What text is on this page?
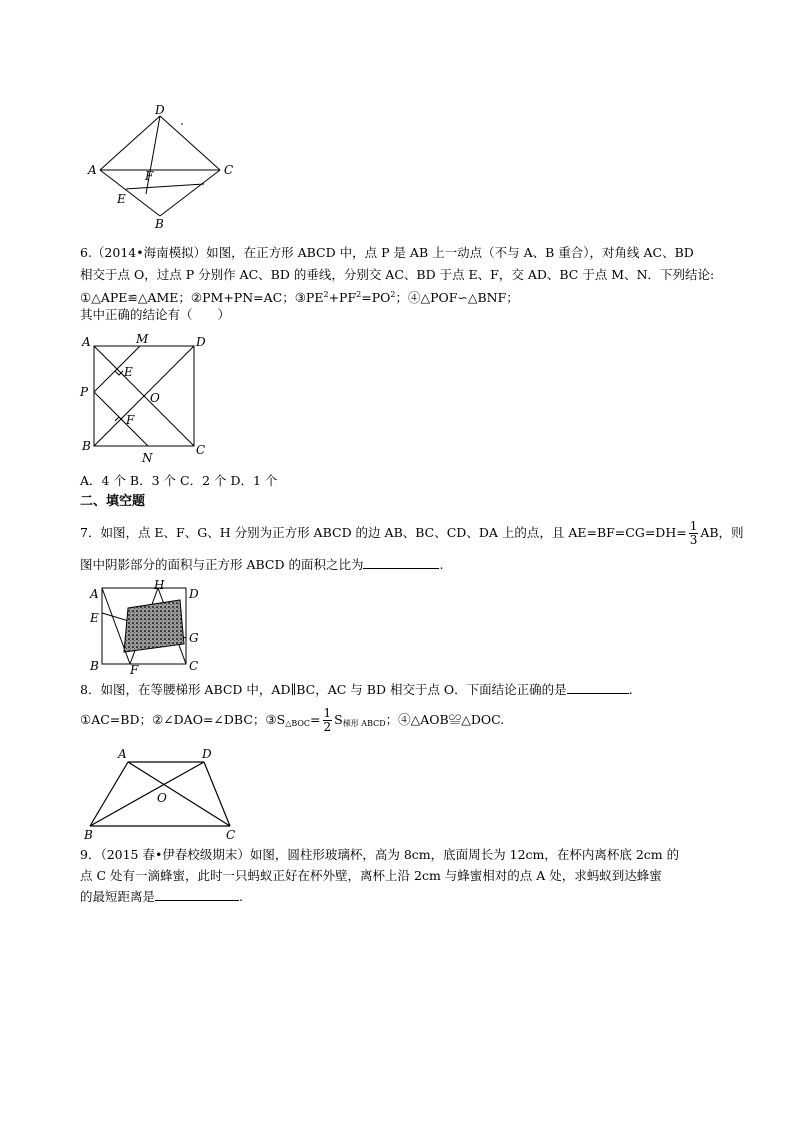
D
A	F	C
E
B
6.（2014•海南模拟）如图，在正方形 ABCD 中，点 P 是 AB 上一动点（不与 A、B 重合），对角线 AC、BD
相交于点 O，过点 P 分别作 AC、BD 的垂线，分别交 AC、BD 于点 E、F，交 AD、BC 于点 M、N．下列结论:
①△APE≌△AME；②PM+PN=AC；$③PE^2+PF^2=PO^2$；④△POF∽△BNF；
其中正确的结论有（　　）
A	M	D
E
P	O
F
B
N
C
A．4 个 B．3 个 C．2 个 D．1 个
二、填空题
7．如图，点 E、F、G、H 分别为正方形 ABCD 的边 AB、BC、CD、DA 上的点，且 $AE=BF=CG=DH= \frac{1}{3}$ AB，则
图中阴影部分的面积与正方形 ABCD 的面积之比为	.
A
H
D
E
G
B	F	C
8．如图，在等腰梯形 ABCD 中，AD∥BC，AC 与 BD 相交于点 O．下面结论正确的是	.
①AC=BD；②∠DAO=∠DBC；$③S_{\triangle BOC}= \frac{1}{2} S_{梯形 ABCD}$；④△AOB≌△DOC.
A	D
O
B	C
9．（2015 春•伊春校级期末）如图，圆柱形玻璃杯，高为 8cm，底面周长为 12cm，在杯内离杯底 2cm 的
点 C 处有一滴蜂蜜，此时一只蚂蚁正好在杯外壁，离杯上沿 2cm 与蜂蜜相对的点 A 处，求蚂蚁到达蜂蜜
的最短距离是	.
